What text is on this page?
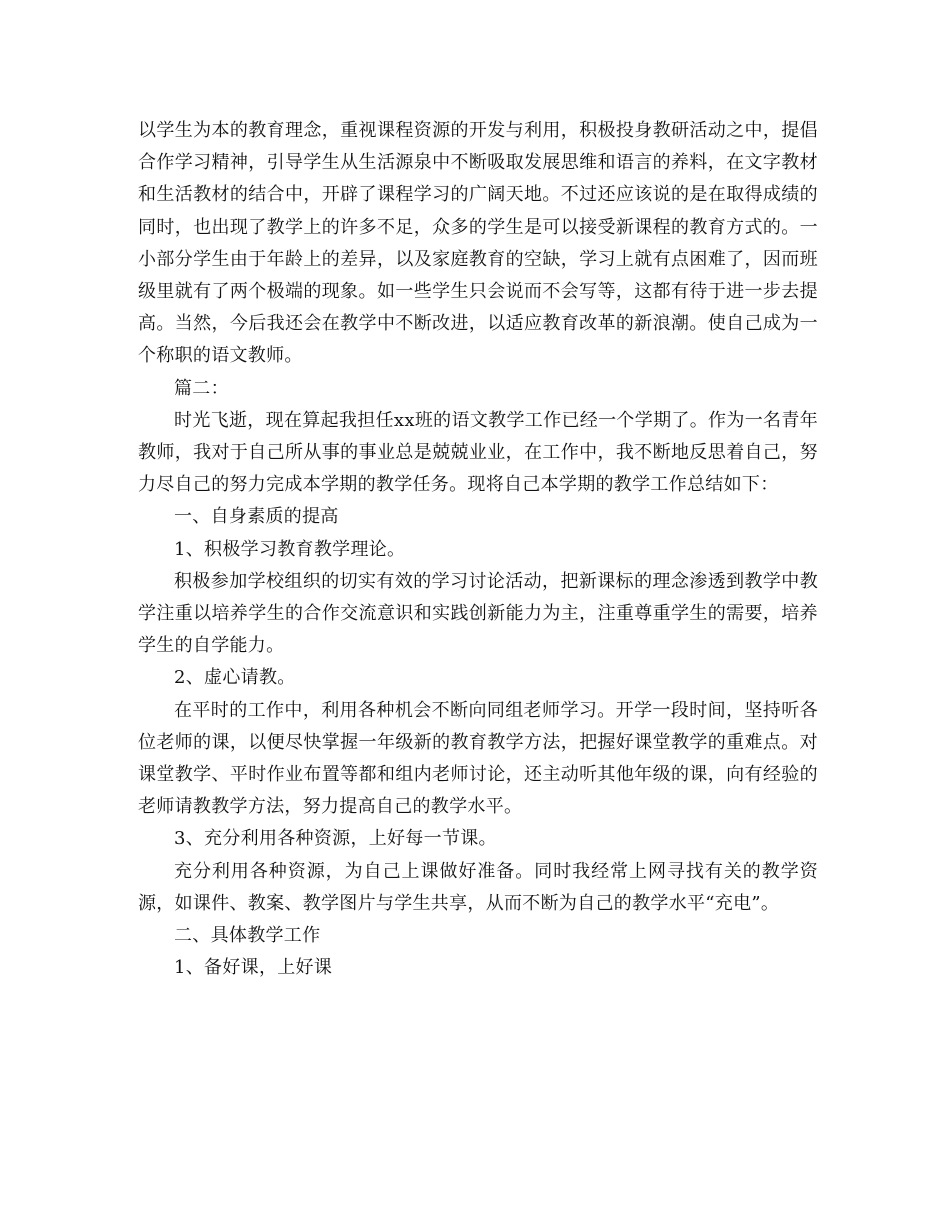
以学生为本的教育理念，重视课程资源的开发与利用，积极投身教研活动之中，提倡合作学习精神，引导学生从生活源泉中不断吸取发展思维和语言的养料，在文字教材和生活教材的结合中，开辟了课程学习的广阔天地。不过还应该说的是在取得成绩的同时，也出现了教学上的许多不足，众多的学生是可以接受新课程的教育方式的。一小部分学生由于年龄上的差异，以及家庭教育的空缺，学习上就有点困难了，因而班级里就有了两个极端的现象。如一些学生只会说而不会写等，这都有待于进一步去提高。当然，今后我还会在教学中不断改进，以适应教育改革的新浪潮。使自己成为一个称职的语文教师。

篇二：

时光飞逝，现在算起我担任xx班的语文教学工作已经一个学期了。作为一名青年教师，我对于自己所从事的事业总是兢兢业业，在工作中，我不断地反思着自己，努力尽自己的努力完成本学期的教学任务。现将自己本学期的教学工作总结如下：

一、自身素质的提高

1、积极学习教育教学理论。

积极参加学校组织的切实有效的学习讨论活动，把新课标的理念渗透到教学中教学注重以培养学生的合作交流意识和实践创新能力为主，注重尊重学生的需要，培养学生的自学能力。

2、虚心请教。

在平时的工作中，利用各种机会不断向同组老师学习。开学一段时间，坚持听各位老师的课，以便尽快掌握一年级新的教育教学方法，把握好课堂教学的重难点。对课堂教学、平时作业布置等都和组内老师讨论，还主动听其他年级的课，向有经验的老师请教教学方法，努力提高自己的教学水平。

3、充分利用各种资源，上好每一节课。

充分利用各种资源，为自己上课做好准备。同时我经常上网寻找有关的教学资源，如课件、教案、教学图片与学生共享，从而不断为自己的教学水平“充电”。

二、具体教学工作

1、备好课，上好课
